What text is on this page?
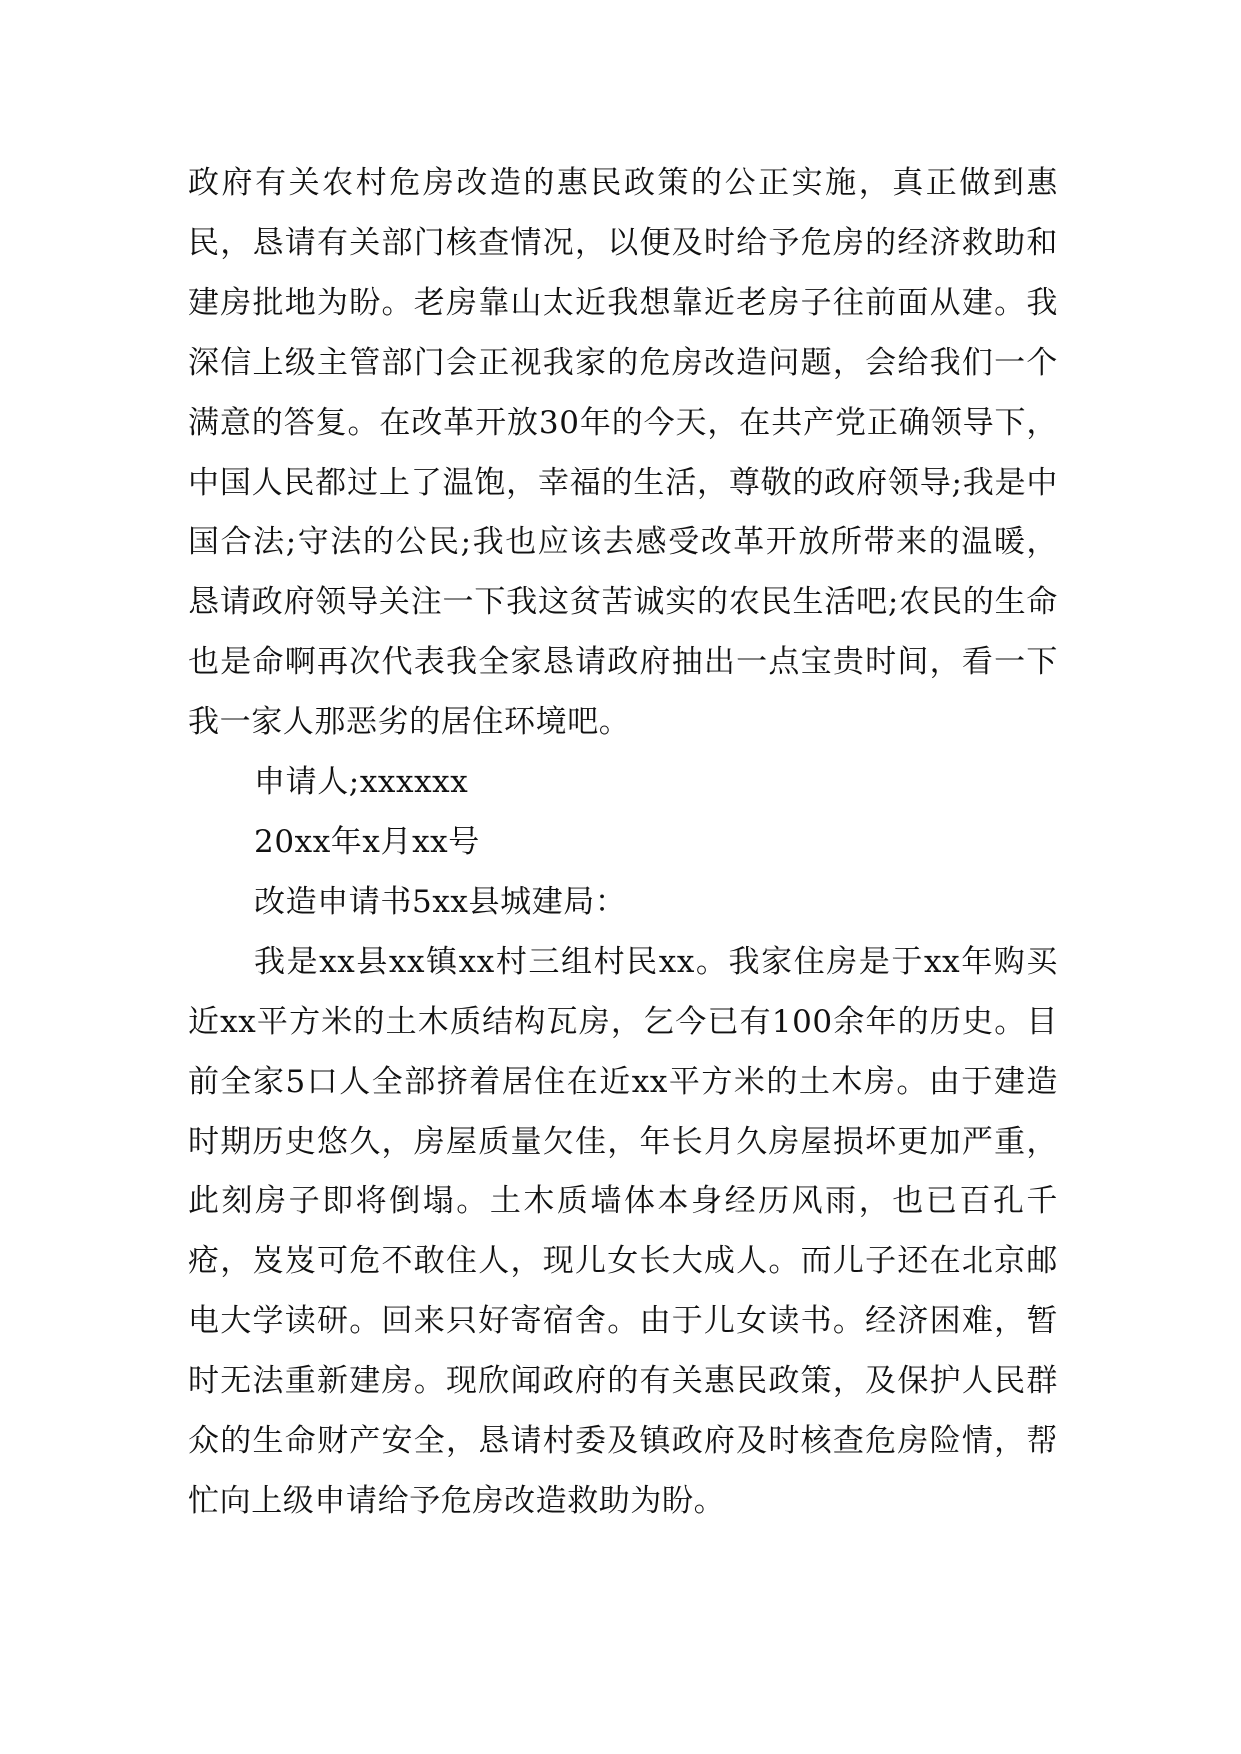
政府有关农村危房改造的惠民政策的公正实施，真正做到惠民，恳请有关部门核查情况，以便及时给予危房的经济救助和建房批地为盼。老房靠山太近我想靠近老房子往前面从建。我深信上级主管部门会正视我家的危房改造问题，会给我们一个满意的答复。在改革开放30年的今天，在共产党正确领导下，中国人民都过上了温饱，幸福的生活，尊敬的政府领导;我是中国合法;守法的公民;我也应该去感受改革开放所带来的温暖，恳请政府领导关注一下我这贫苦诚实的农民生活吧;农民的生命也是命啊再次代表我全家恳请政府抽出一点宝贵时间，看一下我一家人那恶劣的居住环境吧。

申请人;xxxxxx

20xx年x月xx号

改造申请书5xx县城建局：

我是xx县xx镇xx村三组村民xx。我家住房是于xx年购买近xx平方米的土木质结构瓦房，乞今已有100余年的历史。目前全家5口人全部挤着居住在近xx平方米的土木房。由于建造时期历史悠久，房屋质量欠佳，年长月久房屋损坏更加严重，此刻房子即将倒塌。土木质墙体本身经历风雨，也已百孔千疮，岌岌可危不敢住人，现儿女长大成人。而儿子还在北京邮电大学读研。回来只好寄宿舍。由于儿女读书。经济困难，暂时无法重新建房。现欣闻政府的有关惠民政策，及保护人民群众的生命财产安全，恳请村委及镇政府及时核查危房险情，帮忙向上级申请给予危房改造救助为盼。
